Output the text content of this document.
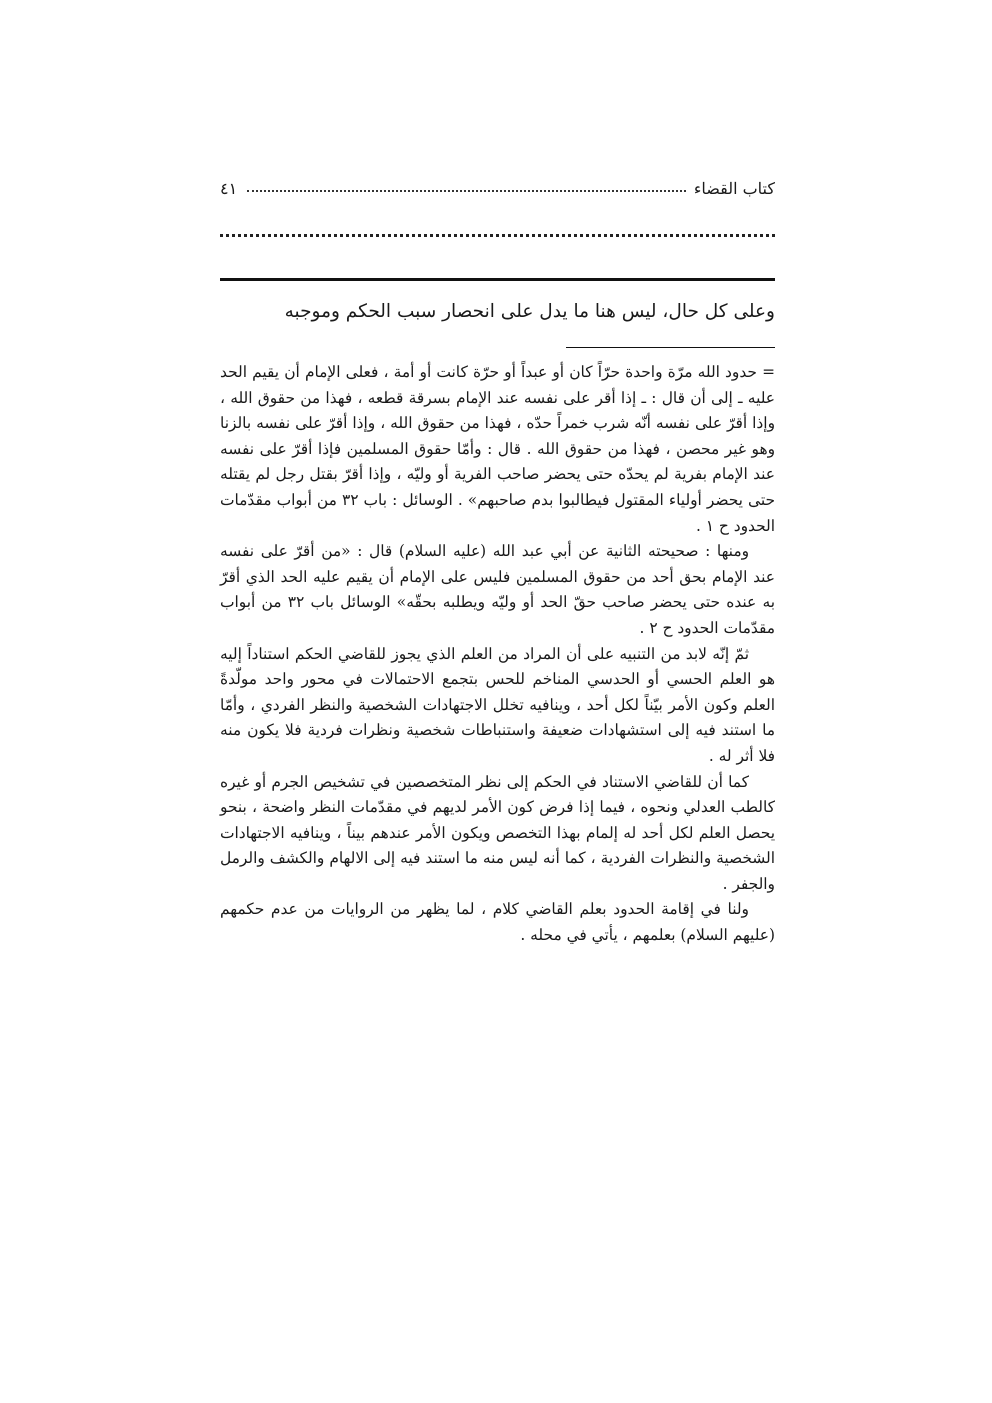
كتاب القضاء
٤١

وعلى كل حال، ليس هنا ما يدل على انحصار سبب الحكم وموجبه

= حدود الله مرّة واحدة حرّاً كان أو عبداً أو حرّة كانت أو أمة ، فعلى الإمام أن يقيم الحد عليه ـ إلى أن قال : ـ إذا أقر على نفسه عند الإمام بسرقة قطعه ، فهذا من حقوق الله ، وإذا أقرّ على نفسه أنّه شرب خمراً حدّه ، فهذا من حقوق الله ، وإذا أقرّ على نفسه بالزنا وهو غير محصن ، فهذا من حقوق الله . قال : وأمّا حقوق المسلمين فإذا أقرّ على نفسه عند الإمام بفرية لم يحدّه حتى يحضر صاحب الفرية أو وليّه ، وإذا أقرّ بقتل رجل لم يقتله حتى يحضر أولياء المقتول فيطالبوا بدم صاحبهم» . الوسائل : باب ٣٢ من أبواب مقدّمات الحدود ح ١ .

ومنها : صحيحته الثانية عن أبي عبد الله (عليه السلام) قال : «من أقرّ على نفسه عند الإمام بحق أحد من حقوق المسلمين فليس على الإمام أن يقيم عليه الحد الذي أقرّ به عنده حتى يحضر صاحب حقّ الحد أو وليّه ويطلبه بحقّه» الوسائل باب ٣٢ من أبواب مقدّمات الحدود ح ٢ .

ثمّ إنّه لابد من التنبيه على أن المراد من العلم الذي يجوز للقاضي الحكم استناداً إليه هو العلم الحسي أو الحدسي المناخم للحس بتجمع الاحتمالات في محور واحد مولّدةً العلم وكون الأمر بيّناً لكل أحد ، وينافيه تخلل الاجتهادات الشخصية والنظر الفردي ، وأمّا ما استند فيه إلى استشهادات ضعيفة واستنباطات شخصية ونظرات فردية فلا يكون منه فلا أثر له .

كما أن للقاضي الاستناد في الحكم إلى نظر المتخصصين في تشخيص الجرم أو غيره كالطب العدلي ونحوه ، فيما إذا فرض كون الأمر لديهم في مقدّمات النظر واضحة ، بنحو يحصل العلم لكل أحد له إلمام بهذا التخصص ويكون الأمر عندهم بيناً ، وينافيه الاجتهادات الشخصية والنظرات الفردية ، كما أنه ليس منه ما استند فيه إلى الالهام والكشف والرمل والجفر .

ولنا في إقامة الحدود بعلم القاضي كلام ، لما يظهر من الروايات من عدم حكمهم (عليهم السلام) بعلمهم ، يأتي في محله .
